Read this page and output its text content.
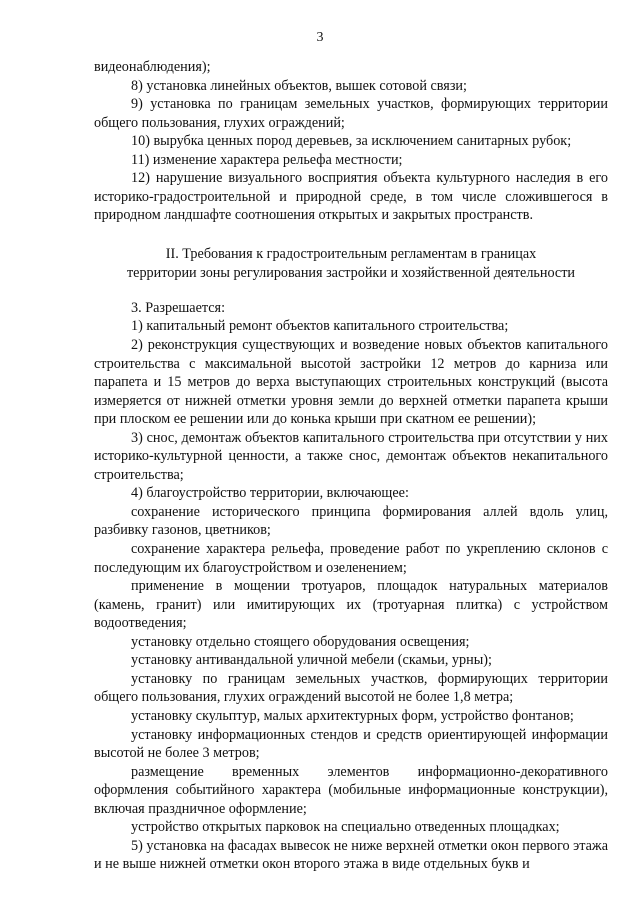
3

видеонаблюдения);

8) установка линейных объектов, вышек сотовой связи;

9) установка по границам земельных участков, формирующих территории общего пользования, глухих ограждений;

10) вырубка ценных пород деревьев, за исключением санитарных рубок;

11) изменение характера рельефа местности;

12) нарушение визуального восприятия объекта культурного наследия в его историко-градостроительной и природной среде, в том числе сложившегося в природном ландшафте соотношения открытых и закрытых пространств.

II. Требования к градостроительным регламентам в границах
территории зоны регулирования застройки и хозяйственной деятельности

3. Разрешается:

1) капитальный ремонт объектов капитального строительства;

2) реконструкция существующих и возведение новых объектов капитального строительства с максимальной высотой застройки 12 метров до карниза или парапета и 15 метров до верха выступающих строительных конструкций (высота измеряется от нижней отметки уровня земли до верхней отметки парапета крыши при плоском ее решении или до конька крыши при скатном ее решении);

3) снос, демонтаж объектов капитального строительства при отсутствии у них историко-культурной ценности, а также снос, демонтаж объектов некапитального строительства;

4) благоустройство территории, включающее:

сохранение исторического принципа формирования аллей вдоль улиц, разбивку газонов, цветников;

сохранение характера рельефа, проведение работ по укреплению склонов с последующим их благоустройством и озеленением;

применение в мощении тротуаров, площадок натуральных материалов (камень, гранит) или имитирующих их (тротуарная плитка) с устройством водоотведения;

установку отдельно стоящего оборудования освещения;

установку антивандальной уличной мебели (скамьи, урны);

установку по границам земельных участков, формирующих территории общего пользования, глухих ограждений высотой не более 1,8 метра;

установку скульптур, малых архитектурных форм, устройство фонтанов;

установку информационных стендов и средств ориентирующей информации высотой не более 3 метров;

размещение временных элементов информационно-декоративного оформления событийного характера (мобильные информационные конструкции), включая праздничное оформление;

устройство открытых парковок на специально отведенных площадках;

5) установка на фасадах вывесок не ниже верхней отметки окон первого этажа и не выше нижней отметки окон второго этажа в виде отдельных букв и
